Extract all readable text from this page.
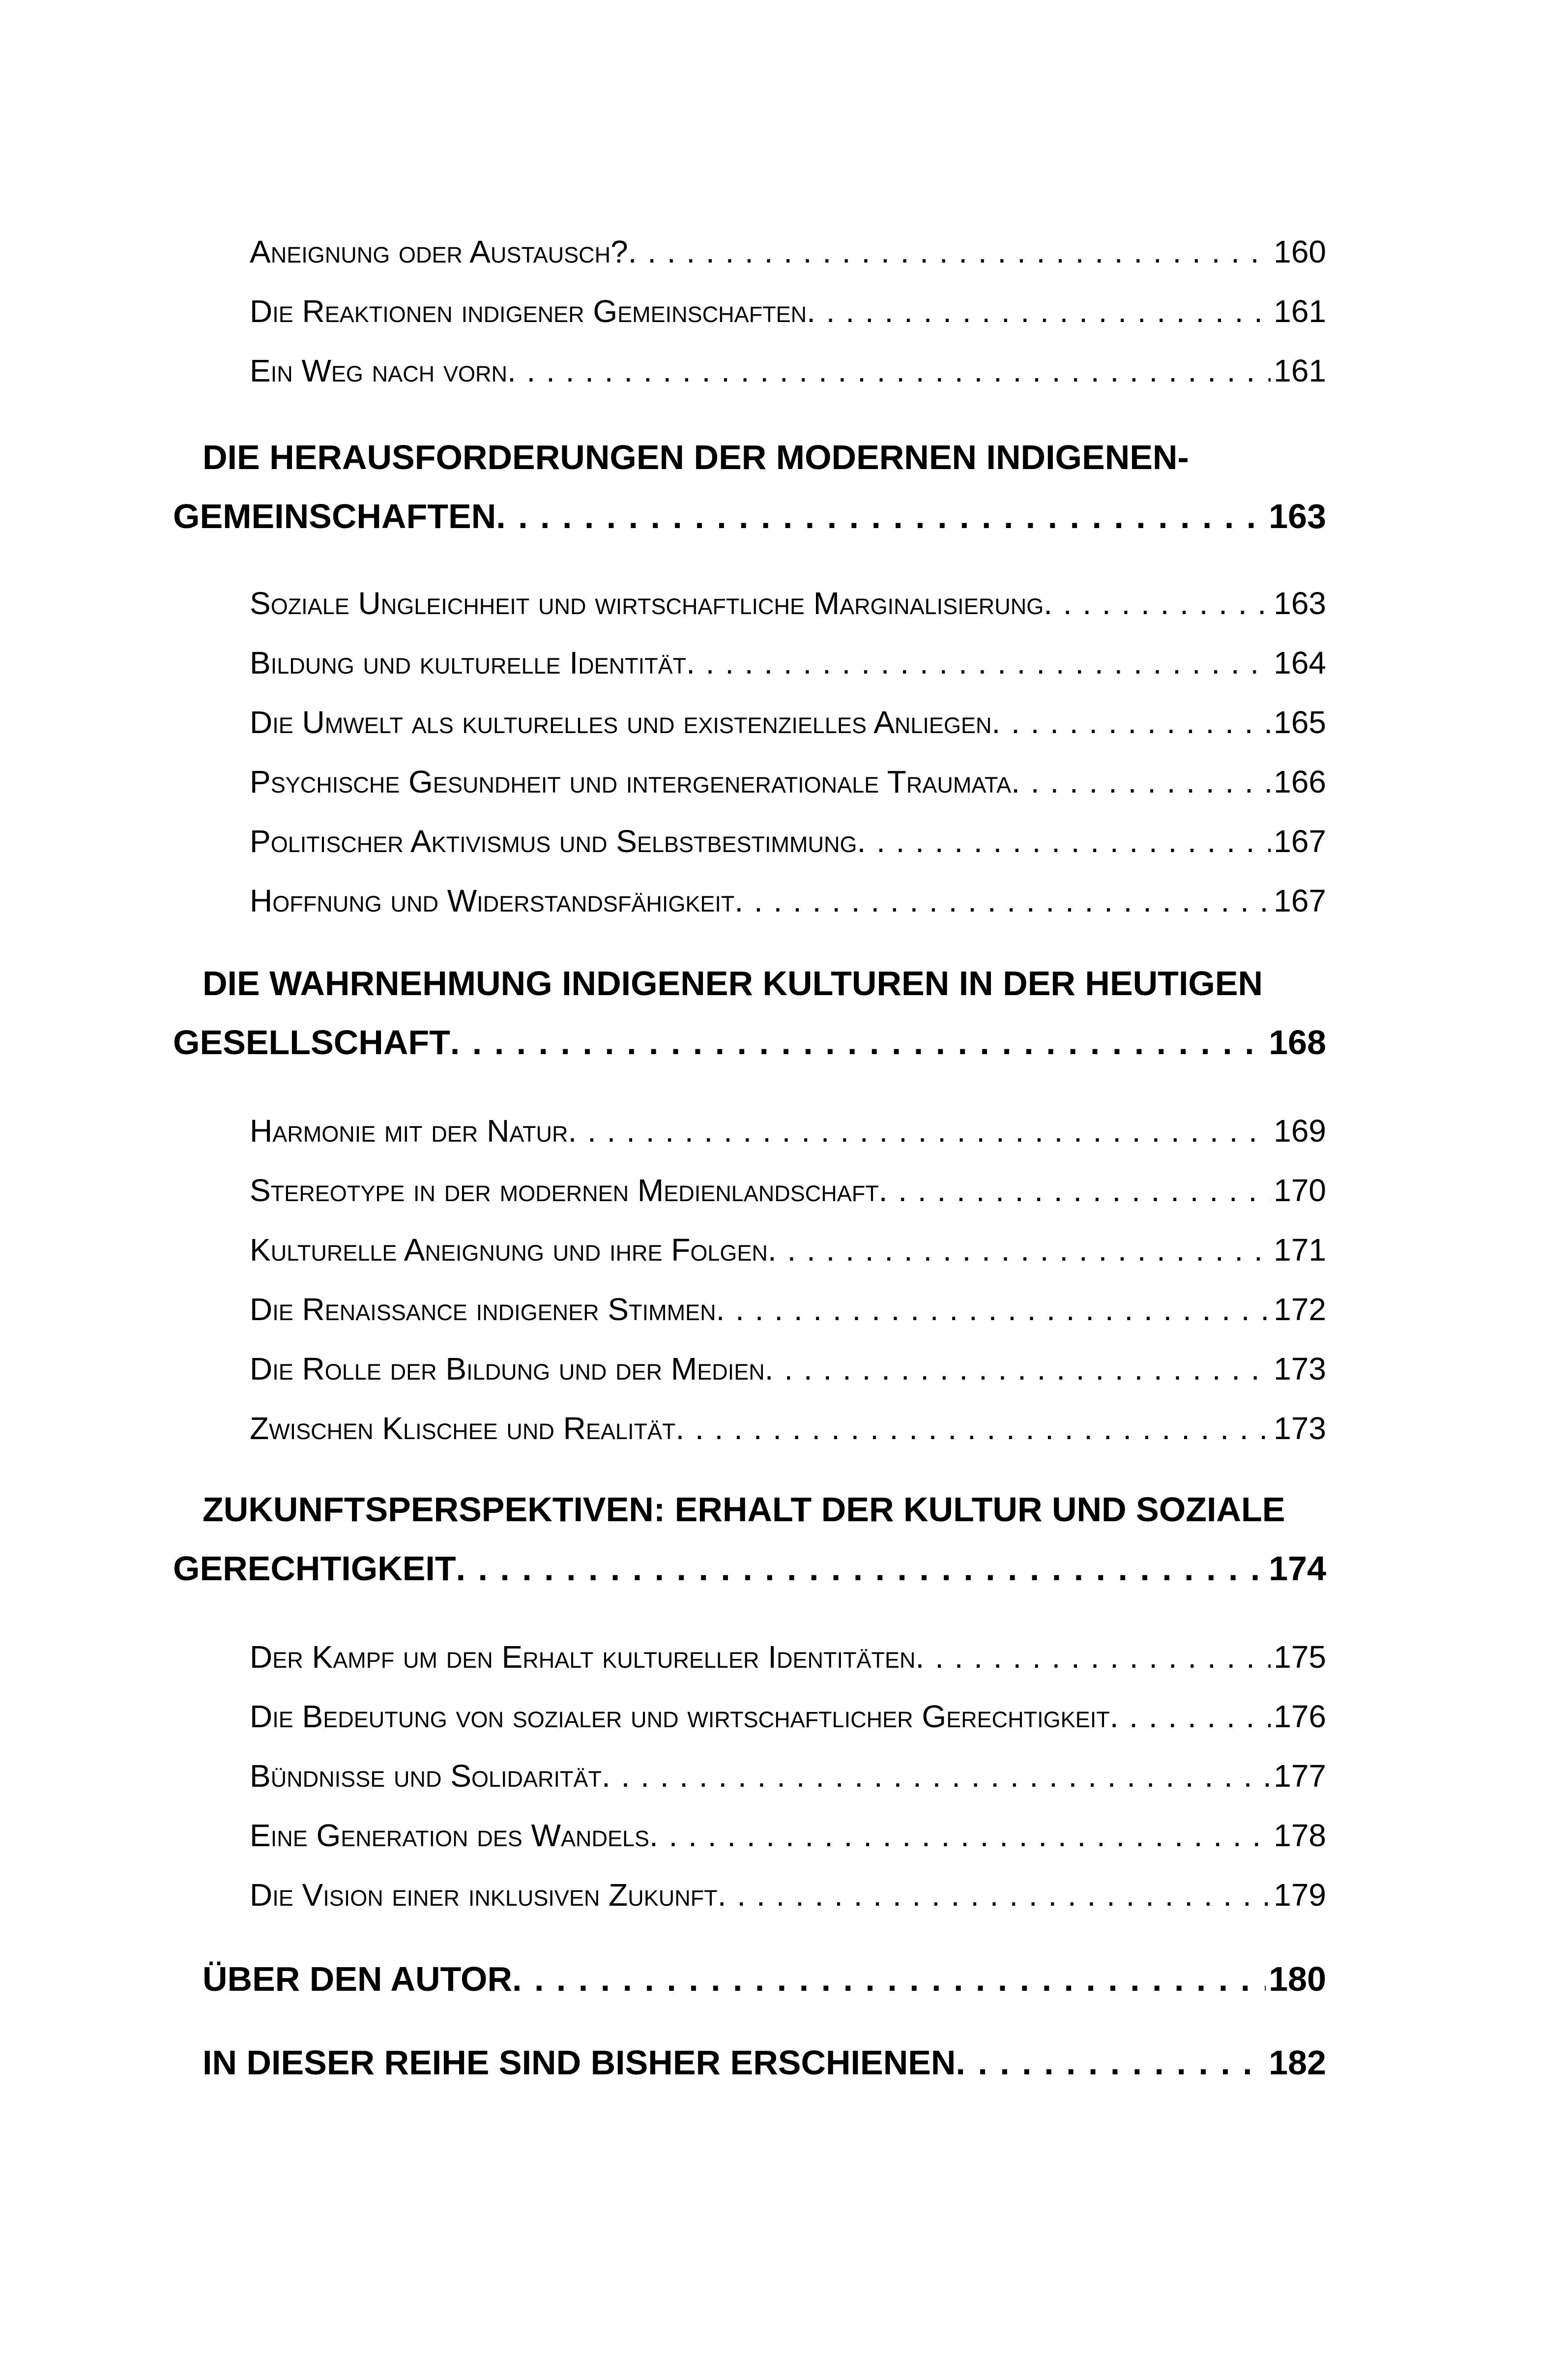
Aneignung oder Austausch? . . .	160
Die Reaktionen indigener Gemeinschaften . . .	161
Ein Weg nach vorn . . .	161
DIE HERAUSFORDERUNGEN DER MODERNEN INDIGENEN-
GEMEINSCHAFTEN . . .	163
Soziale Ungleichheit und wirtschaftliche Marginalisierung . . .	163
Bildung und kulturelle Identität . . .	164
Die Umwelt als kulturelles und existenzielles Anliegen . . .	165
Psychische Gesundheit und intergenerationale Traumata . . .	166
Politischer Aktivismus und Selbstbestimmung . . .	167
Hoffnung und Widerstandsfähigkeit . . .	167
DIE WAHRNEHMUNG INDIGENER KULTUREN IN DER HEUTIGEN
GESELLSCHAFT . . .	168
Harmonie mit der Natur . . .	169
Stereotype in der modernen Medienlandschaft . . .	170
Kulturelle Aneignung und ihre Folgen . . .	171
Die Renaissance indigener Stimmen . . .	172
Die Rolle der Bildung und der Medien . . .	173
Zwischen Klischee und Realität . . .	173
ZUKUNFTSPERSPEKTIVEN: ERHALT DER KULTUR UND SOZIALE
GERECHTIGKEIT . . .	174
Der Kampf um den Erhalt kultureller Identitäten . . .	175
Die Bedeutung von sozialer und wirtschaftlicher Gerechtigkeit . . .	176
Bündnisse und Solidarität . . .	177
Eine Generation des Wandels . . .	178
Die Vision einer inklusiven Zukunft . . .	179
ÜBER DEN AUTOR . . .	180
IN DIESER REIHE SIND BISHER ERSCHIENEN . . .	182
